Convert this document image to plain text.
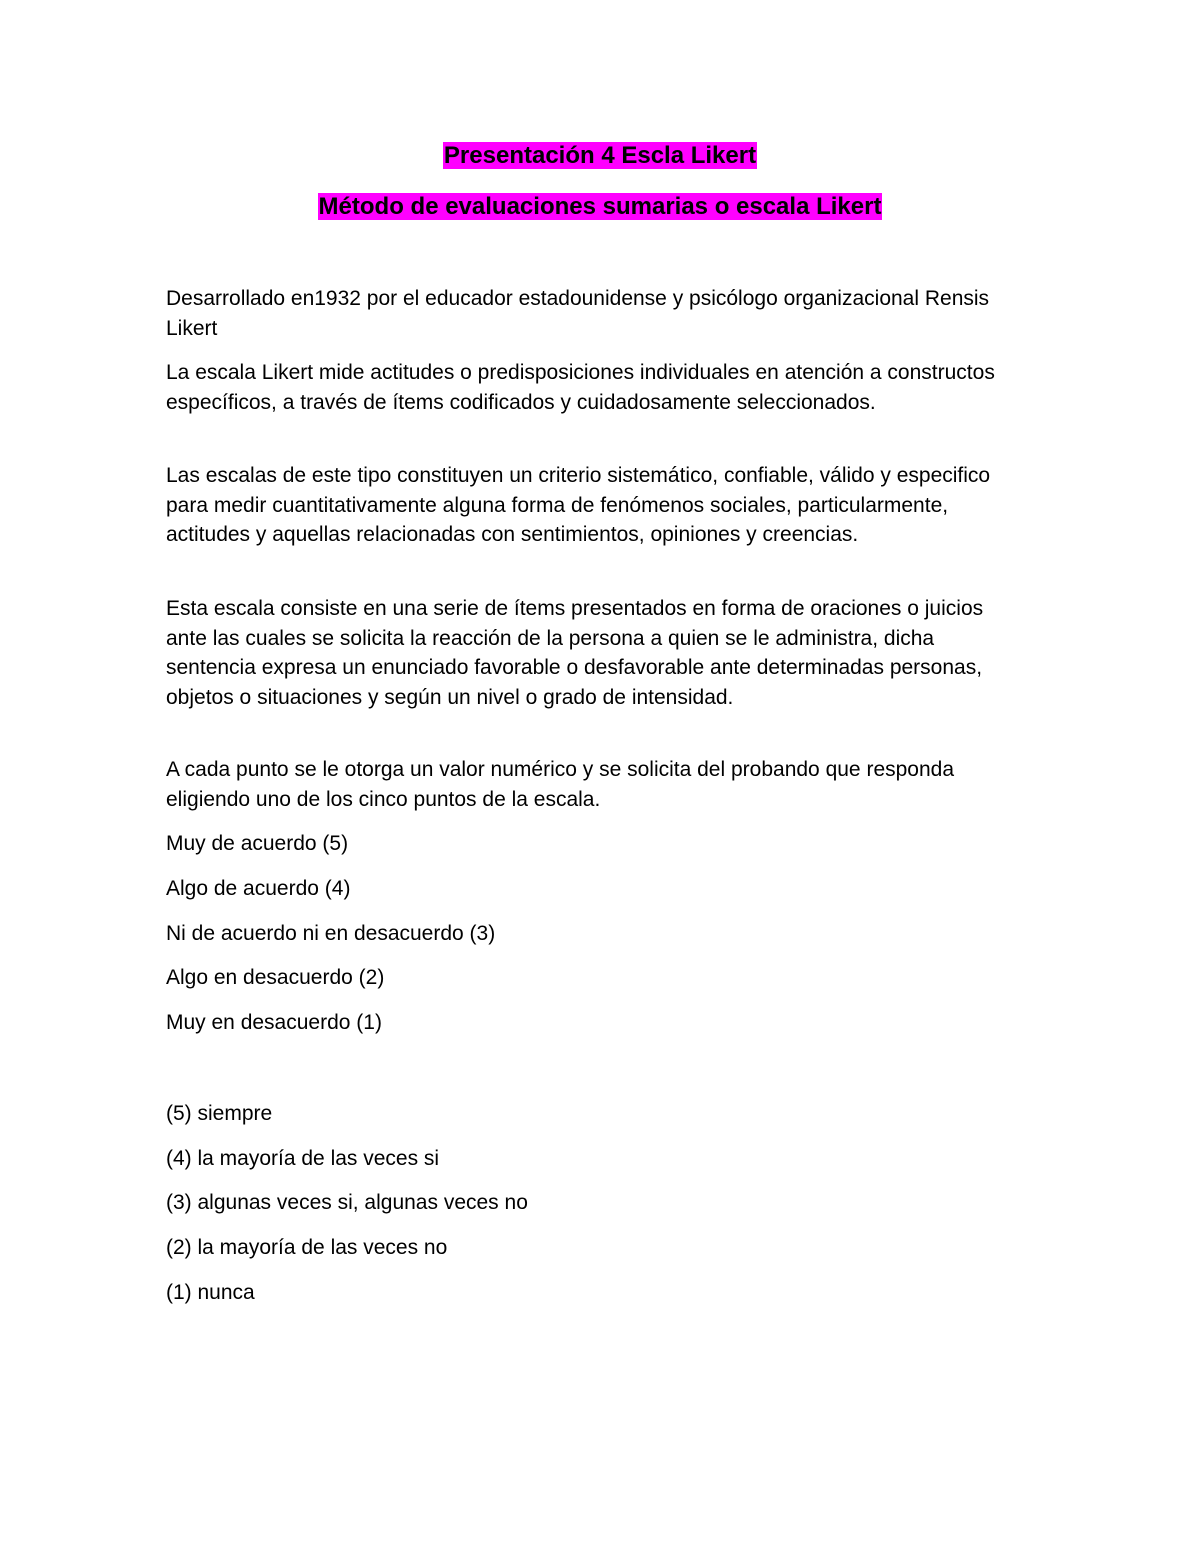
Presentación 4 Escla Likert
Método de evaluaciones sumarias o escala Likert
Desarrollado en1932 por el educador estadounidense y psicólogo organizacional Rensis Likert
La escala Likert mide actitudes o predisposiciones individuales en atención a constructos específicos, a través de ítems codificados y cuidadosamente seleccionados.
Las escalas de este tipo constituyen un criterio sistemático, confiable, válido y especifico para medir cuantitativamente alguna forma de fenómenos sociales, particularmente, actitudes y aquellas relacionadas con sentimientos, opiniones y creencias.
Esta escala consiste en una serie de ítems presentados en forma de oraciones o juicios ante las cuales se solicita la reacción de la persona a quien se le administra, dicha sentencia expresa un enunciado favorable o desfavorable ante determinadas personas, objetos o situaciones y según un nivel o grado de intensidad.
A cada punto se le otorga un valor numérico y se solicita del probando que responda eligiendo uno de los cinco puntos de la escala.
Muy de acuerdo (5)
Algo de acuerdo (4)
Ni de acuerdo ni en desacuerdo (3)
Algo en desacuerdo (2)
Muy en desacuerdo (1)
(5) siempre
(4) la mayoría de las veces si
(3) algunas veces si, algunas veces no
(2) la mayoría de las veces no
(1) nunca
